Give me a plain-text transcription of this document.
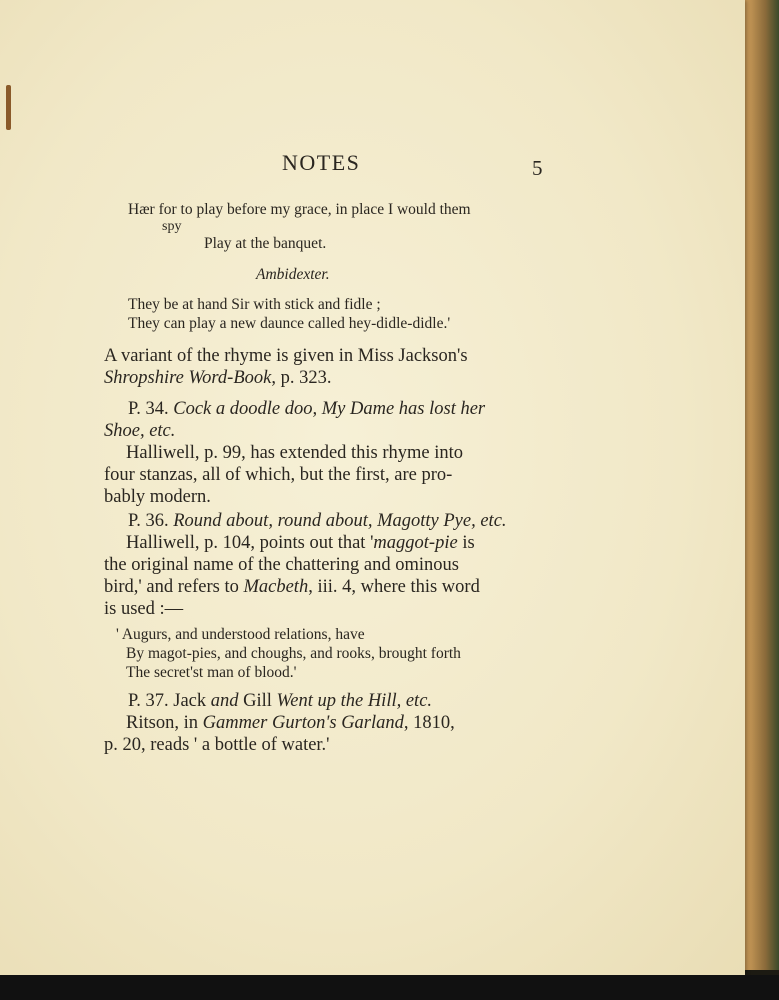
NOTES	5
Hær for to play before my grace, in place I would them
spy
Play at the banquet.
Ambidexter.
They be at hand Sir with stick and fidle ;
They can play a new daunce called hey-didle-didle.'
A variant of the rhyme is given in Miss Jackson's
Shropshire Word-Book, p. 323.
P. 34. Cock a doodle doo, My Dame has lost her
Shoe, etc.
Halliwell, p. 99, has extended this rhyme into
four stanzas, all of which, but the first, are pro-
bably modern.
P. 36. Round about, round about, Magotty Pye, etc.
Halliwell, p. 104, points out that 'maggot-pie is
the original name of the chattering and ominous
bird,' and refers to Macbeth, iii. 4, where this word
is used :—
' Augurs, and understood relations, have
By magot-pies, and choughs, and rooks, brought forth
The secret'st man of blood.'
P. 37. Jack and Gill Went up the Hill, etc.
Ritson, in Gammer Gurton's Garland, 1810,
p. 20, reads ' a bottle of water.'
